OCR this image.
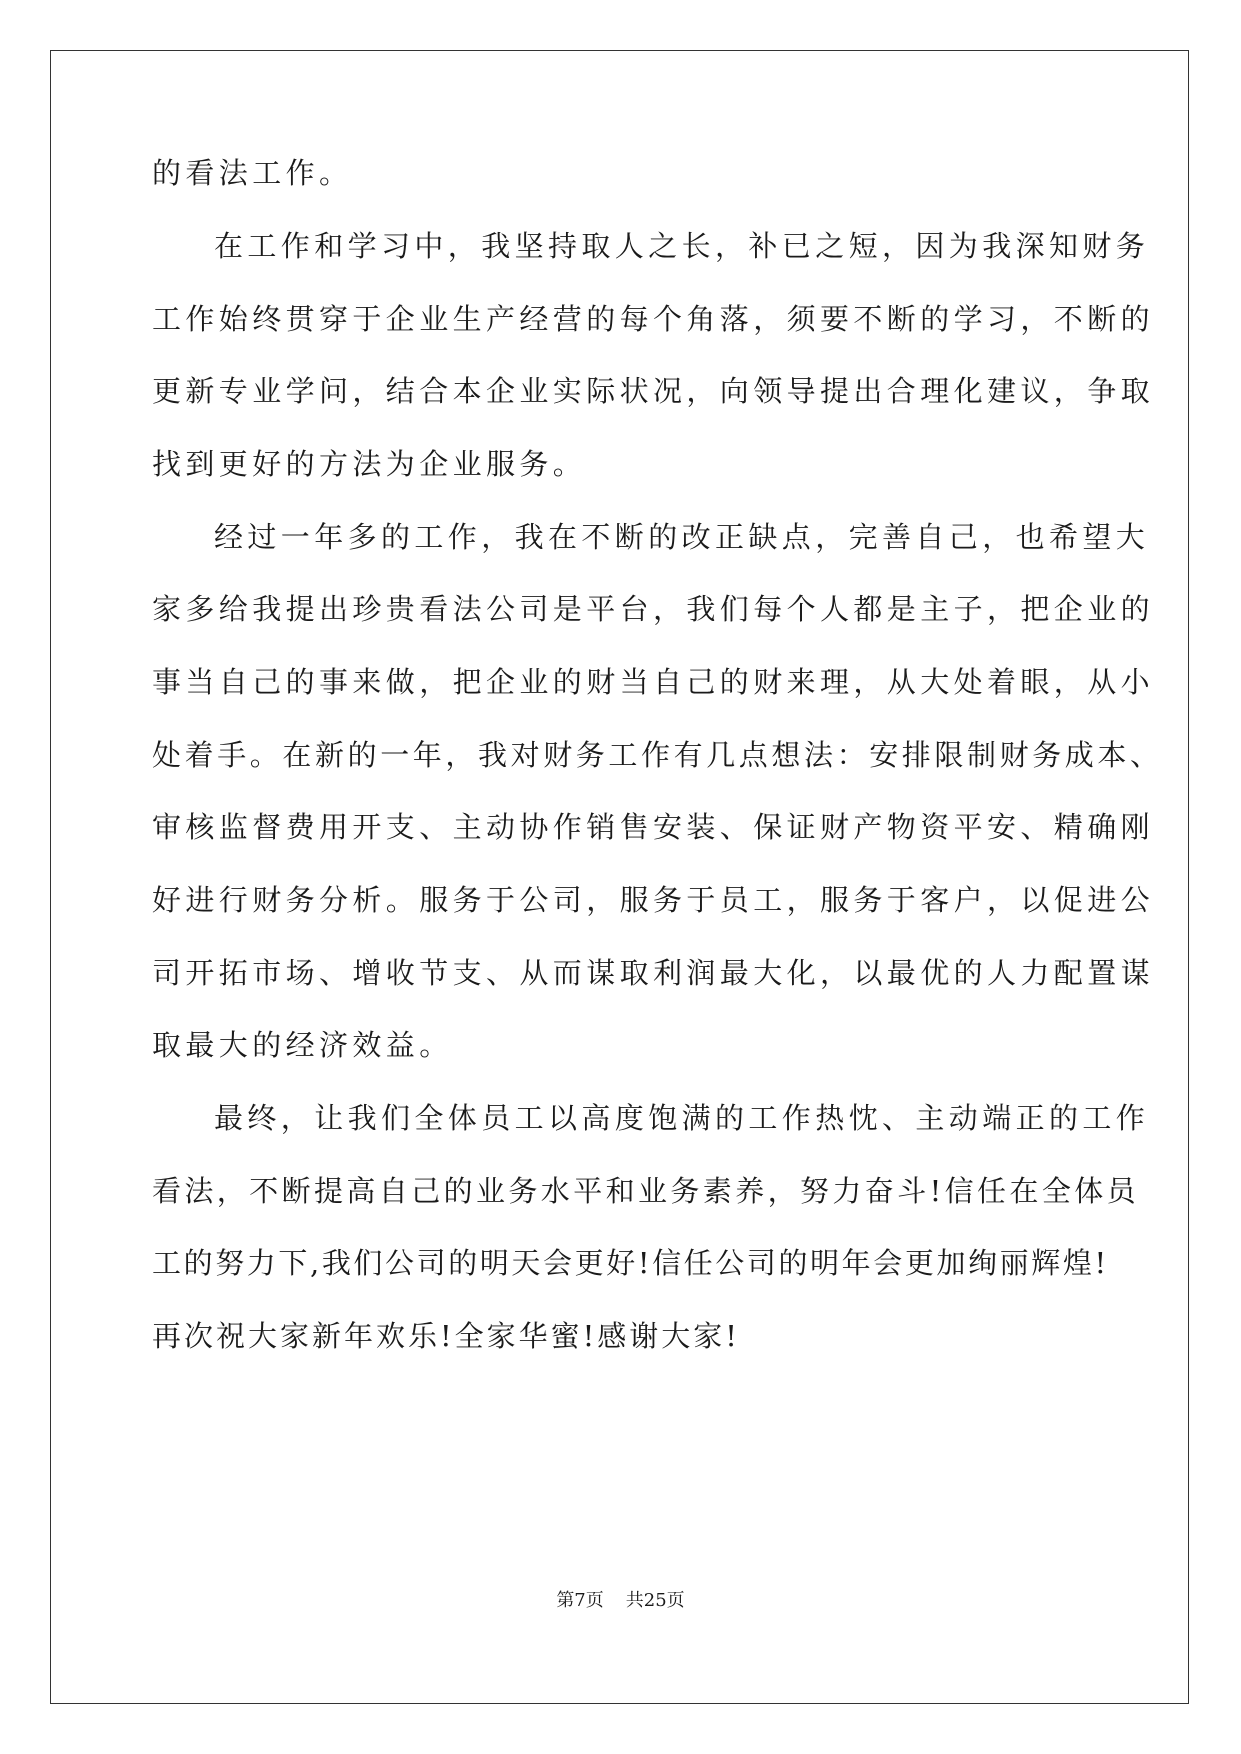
的看法工作。
在工作和学习中，我坚持取人之长，补已之短，因为我深知财务
工作始终贯穿于企业生产经营的每个角落，须要不断的学习，不断的
更新专业学问，结合本企业实际状况，向领导提出合理化建议，争取
找到更好的方法为企业服务。
经过一年多的工作，我在不断的改正缺点，完善自己，也希望大
家多给我提出珍贵看法公司是平台，我们每个人都是主子，把企业的
事当自己的事来做，把企业的财当自己的财来理，从大处着眼，从小
处着手。在新的一年，我对财务工作有几点想法：安排限制财务成本、
审核监督费用开支、主动协作销售安装、保证财产物资平安、精确刚
好进行财务分析。服务于公司，服务于员工，服务于客户，以促进公
司开拓市场、增收节支、从而谋取利润最大化，以最优的人力配置谋
取最大的经济效益。
最终，让我们全体员工以高度饱满的工作热忱、主动端正的工作
看法，不断提高自己的业务水平和业务素养，努力奋斗!信任在全体员
工的努力下,我们公司的明天会更好!信任公司的明年会更加绚丽辉煌!
再次祝大家新年欢乐!全家华蜜!感谢大家!
第7页 共25页
